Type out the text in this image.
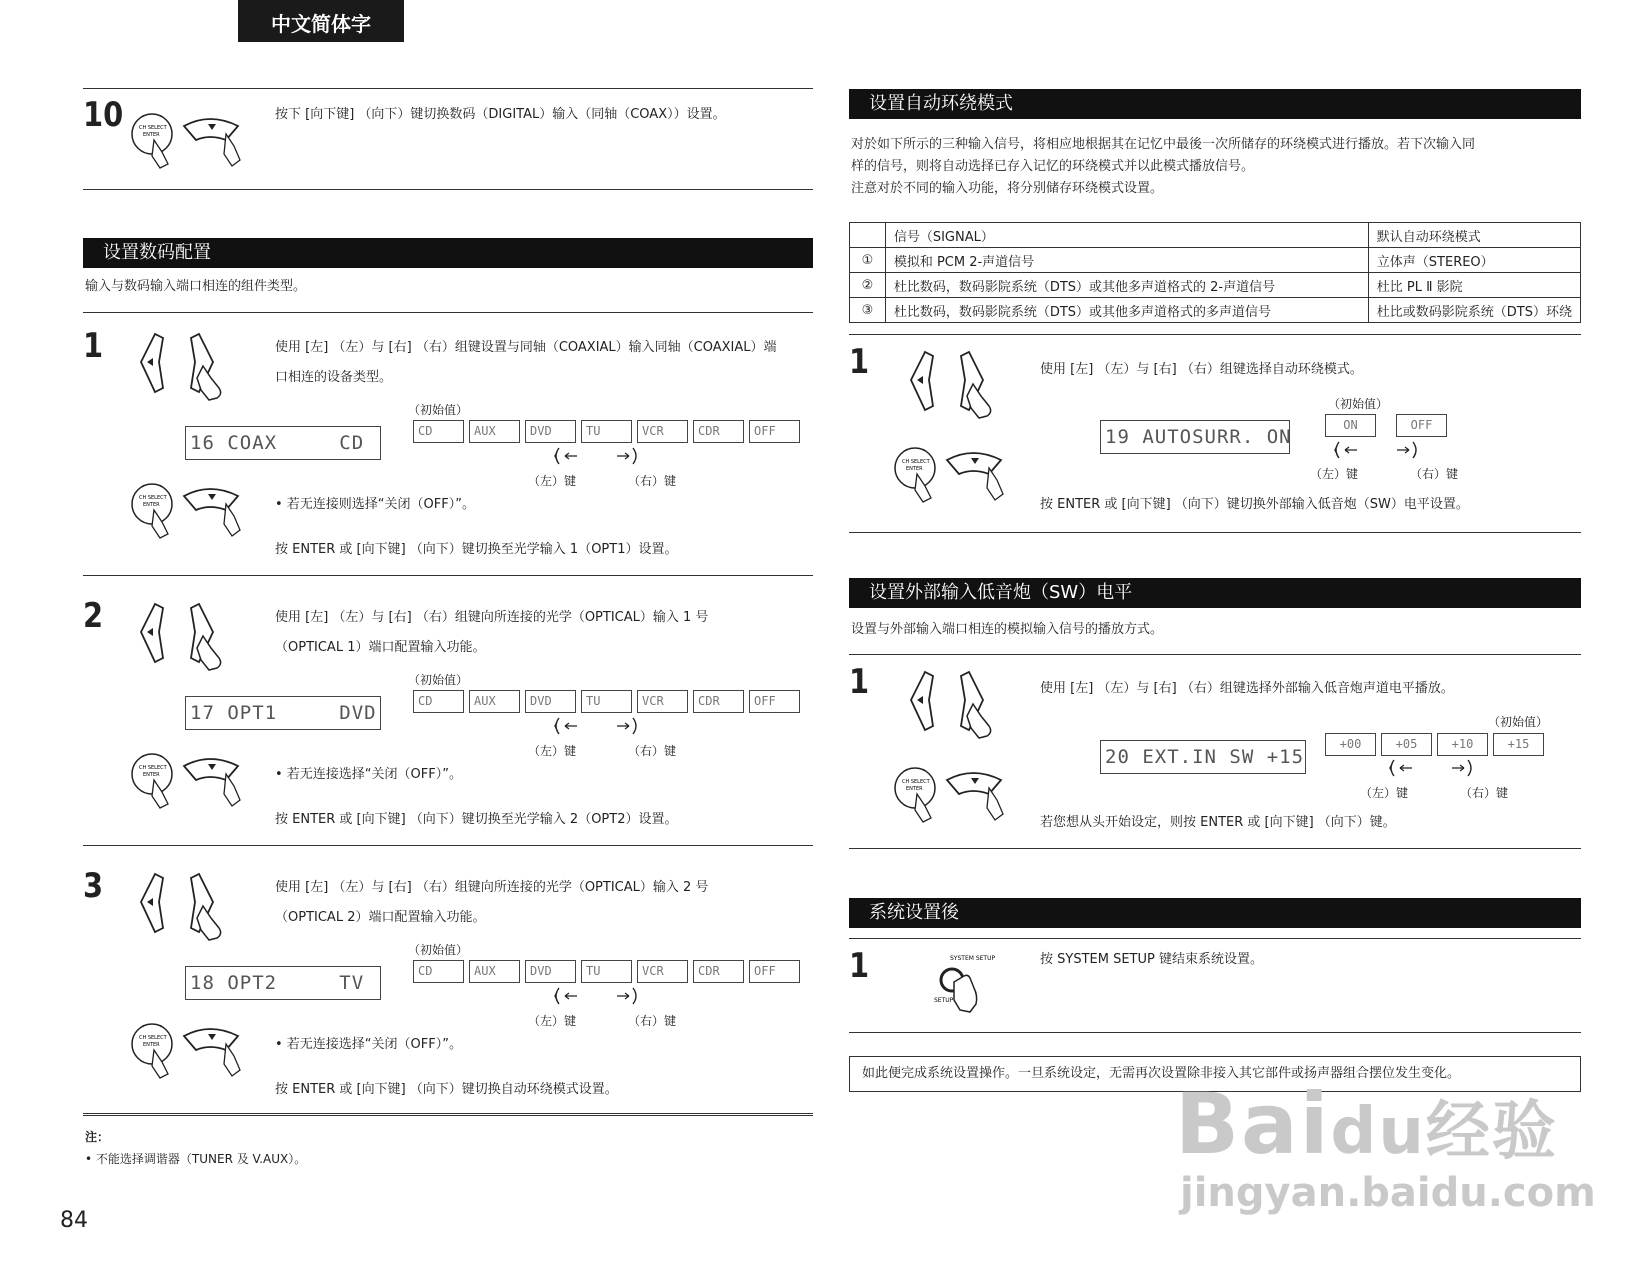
中文简体字
10	CH SELECT
ENTER
按下 [向下键] （向下）键切换数码（DIGITAL）输入（同轴（COAX））设置。
设置数码配置
输入与数码输入端口相连的组件类型。
1
CH SELECT
ENTER
使用 [左] （左）与 [右] （右）组键设置与同轴（COAXIAL）输入同轴（COAXIAL）端
口相连的设备类型。
（初始值）
16 COAX     CD
CD	AUX	DVD	TU	VCR	CDR	OFF
（左）键	（右）键
• 若无连接则选择“关闭（OFF）”。
按 ENTER 或 [向下键] （向下）键切换至光学输入 1（OPT1）设置。
2
CH SELECT
ENTER
使用 [左] （左）与 [右] （右）组键向所连接的光学（OPTICAL）输入 1 号
（OPTICAL 1）端口配置输入功能。
（初始值）
17 OPT1     DVD
CD	AUX	DVD	TU	VCR	CDR	OFF
（左）键	（右）键
• 若无连接选择“关闭（OFF）”。
按 ENTER 或 [向下键] （向下）键切换至光学输入 2（OPT2）设置。
3
CH SELECT
ENTER
使用 [左] （左）与 [右] （右）组键向所连接的光学（OPTICAL）输入 2 号
（OPTICAL 2）端口配置输入功能。
（初始值）
18 OPT2     TV
CD	AUX	DVD	TU	VCR	CDR	OFF
（左）键	（右）键
• 若无连接选择“关闭（OFF）”。
按 ENTER 或 [向下键] （向下）键切换自动环绕模式设置。
注：
• 不能选择调谐器（TUNER 及 V.AUX）。
84
设置自动环绕模式
对於如下所示的三种输入信号，将相应地根据其在记忆中最後一次所储存的环绕模式进行播放。若下次输入同
样的信号，则将自动选择已存入记忆的环绕模式并以此模式播放信号。
注意对於不同的输入功能，将分别储存环绕模式设置。
	信号（SIGNAL）	默认自动环绕模式
①	模拟和 PCM 2-声道信号	立体声（STEREO）
②	杜比数码，数码影院系统（DTS）或其他多声道格式的 2-声道信号	杜比 PL Ⅱ 影院
③	杜比数码，数码影院系统（DTS）或其他多声道格式的多声道信号	杜比或数码影院系统（DTS）环绕
1
CH SELECT
ENTER
使用 [左] （左）与 [右] （右）组键选择自动环绕模式。
（初始值）
19 AUTOSURR. ON
ON	OFF
（左）键	（右）键
按 ENTER 或 [向下键] （向下）键切换外部输入低音炮（SW）电平设置。
设置外部输入低音炮（SW）电平
设置与外部输入端口相连的模拟输入信号的播放方式。
1
CH SELECT
ENTER
使用 [左] （左）与 [右] （右）组键选择外部输入低音炮声道电平播放。
（初始值）
20 EXT.IN SW +15
+00	+05	+10	+15
（左）键	（右）键
若您想从头开始设定，则按 ENTER 或 [向下键] （向下）键。
系统设置後
1	SYSTEM SETUP
SETUP
按 SYSTEM SETUP 键结束系统设置。
如此便完成系统设置操作。一旦系统设定，无需再次设置除非接入其它部件或扬声器组合摆位发生变化。
Baidu经验
jingyan.baidu.com
